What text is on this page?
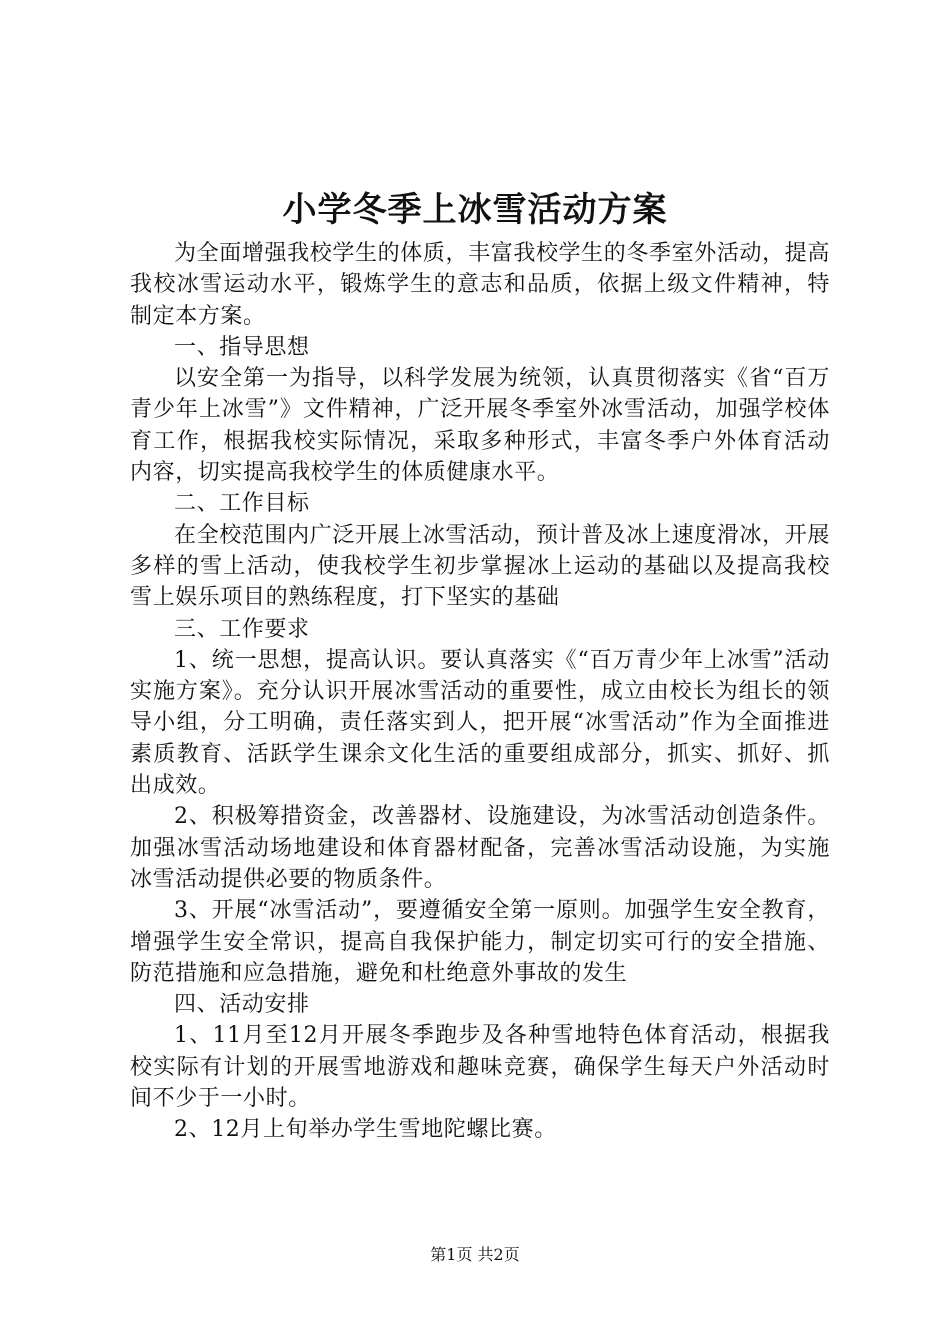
小学冬季上冰雪活动方案

为全面增强我校学生的体质，丰富我校学生的冬季室外活动，提高我校冰雪运动水平，锻炼学生的意志和品质，依据上级文件精神，特制定本方案。

一、指导思想

以安全第一为指导，以科学发展为统领，认真贯彻落实《省“百万青少年上冰雪”》文件精神，广泛开展冬季室外冰雪活动，加强学校体育工作，根据我校实际情况，采取多种形式，丰富冬季户外体育活动内容，切实提高我校学生的体质健康水平。

二、工作目标

在全校范围内广泛开展上冰雪活动，预计普及冰上速度滑冰，开展多样的雪上活动，使我校学生初步掌握冰上运动的基础以及提高我校雪上娱乐项目的熟练程度，打下坚实的基础

三、工作要求

1、统一思想，提高认识。要认真落实《“百万青少年上冰雪”活动实施方案》。充分认识开展冰雪活动的重要性，成立由校长为组长的领导小组，分工明确，责任落实到人，把开展“冰雪活动”作为全面推进素质教育、活跃学生课余文化生活的重要组成部分，抓实、抓好、抓出成效。

2、积极筹措资金，改善器材、设施建设，为冰雪活动创造条件。加强冰雪活动场地建设和体育器材配备，完善冰雪活动设施，为实施冰雪活动提供必要的物质条件。

3、开展“冰雪活动”，要遵循安全第一原则。加强学生安全教育，增强学生安全常识，提高自我保护能力，制定切实可行的安全措施、防范措施和应急措施，避免和杜绝意外事故的发生

四、活动安排

1、11月至12月开展冬季跑步及各种雪地特色体育活动，根据我校实际有计划的开展雪地游戏和趣味竞赛，确保学生每天户外活动时间不少于一小时。

2、12月上旬举办学生雪地陀螺比赛。

第1页 共2页
